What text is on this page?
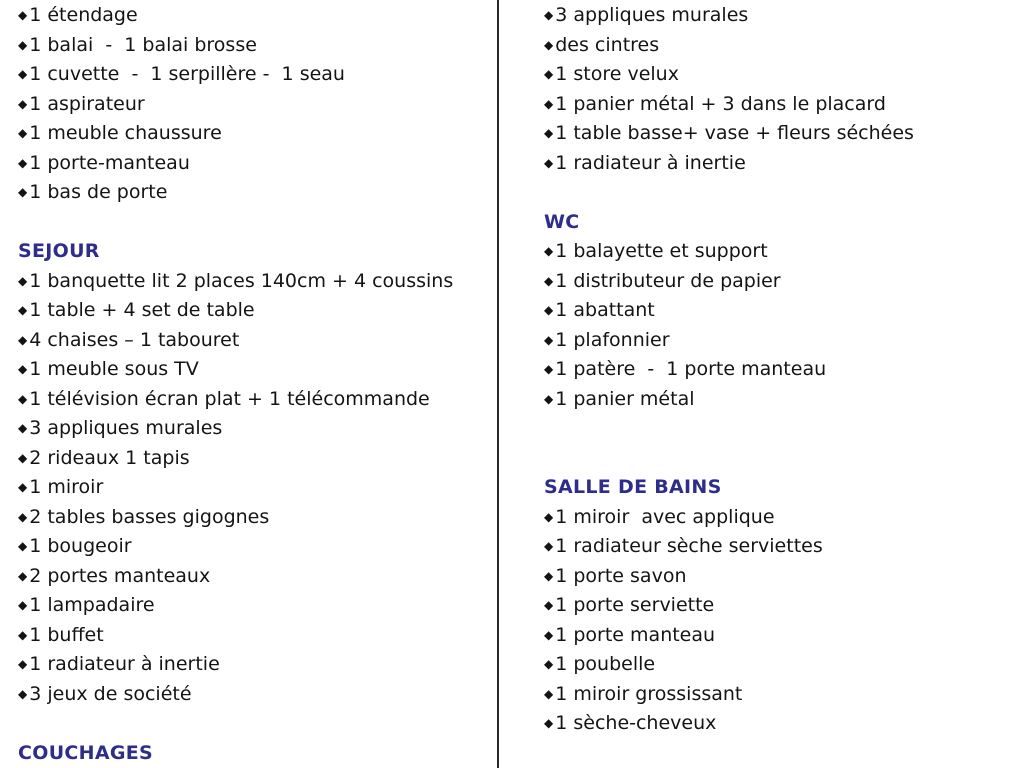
◆ 1 étendage
◆ 1 balai  -  1 balai brosse
◆ 1 cuvette  -  1 serpillère -  1 seau
◆ 1 aspirateur
◆ 1 meuble chaussure
◆ 1 porte-manteau
◆ 1 bas de porte
SEJOUR
◆ 1 banquette lit 2 places 140cm + 4 coussins
◆ 1 table + 4 set de table
◆ 4 chaises – 1 tabouret
◆ 1 meuble sous TV
◆ 1 télévision écran plat + 1 télécommande
◆ 3 appliques murales
◆ 2 rideaux 1 tapis
◆ 1 miroir
◆ 2 tables basses gigognes
◆ 1 bougeoir
◆ 2 portes manteaux
◆ 1 lampadaire
◆ 1 buffet
◆ 1 radiateur à inertie
◆ 3 jeux de société
COUCHAGES
◆ 3 appliques murales
◆ des cintres
◆ 1 store velux
◆ 1 panier métal + 3 dans le placard
◆ 1 table basse+ vase + fleurs séchées
◆ 1 radiateur à inertie
WC
◆ 1 balayette et support
◆ 1 distributeur de papier
◆ 1 abattant
◆ 1 plafonnier
◆ 1 patère  -  1 porte manteau
◆ 1 panier métal
SALLE DE BAINS
◆ 1 miroir  avec applique
◆ 1 radiateur sèche serviettes
◆ 1 porte savon
◆ 1 porte serviette
◆ 1 porte manteau
◆ 1 poubelle
◆ 1 miroir grossissant
◆ 1 sèche-cheveux
